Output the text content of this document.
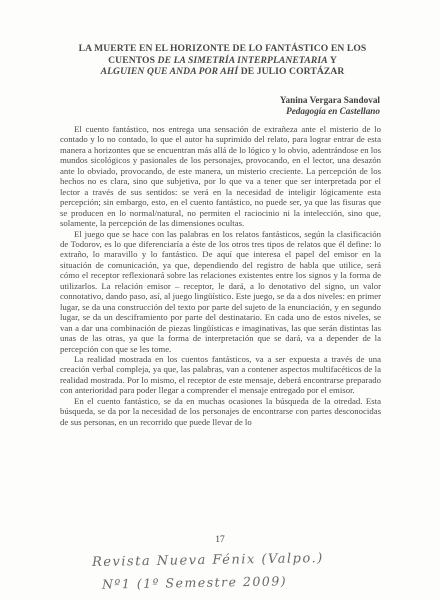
LA MUERTE EN EL HORIZONTE DE LO FANTÁSTICO EN LOS
CUENTOS DE LA SIMETRÍA INTERPLANETARIA Y
ALGUIEN QUE ANDA POR AHÍ DE JULIO CORTÁZAR
Yanina Vergara Sandoval
Pedagogía en Castellano

El cuento fantástico, nos entrega una sensación de extrañeza ante el misterio de lo contado y lo no contado, lo que el autor ha suprimido del relato, para lograr entrar de esta manera a horizontes que se encuentran más allá de lo lógico y lo obvio, adentrándose en los mundos sicológicos y pasionales de los personajes, provocando, en el lector, una desazón ante lo obviado, provocando, de este manera, un misterio creciente. La percepción de los hechos no es clara, sino que subjetiva, por lo que va a tener que ser interpretada por el lector a través de sus sentidos: se verá en la necesidad de inteligir lógicamente esta percepción; sin embargo, esto, en el cuento fantástico, no puede ser, ya que las fisuras que se producen en lo normal/natural, no permiten el raciocinio ni la intelección, sino que, solamente, la percepción de las dimensiones ocultas.

El juego que se hace con las palabras en los relatos fantásticos, según la clasificación de Todorov, es lo que diferenciaría a éste de los otros tres tipos de relatos que él define: lo extraño, lo maravillo y lo fantástico. De aquí que interesa el papel del emisor en la situación de comunicación, ya que, dependiendo del registro de habla que utilice, será cómo el receptor reflexionará sobre las relaciones existentes entre los signos y la forma de utilizarlos. La relación emisor – receptor, le dará, a lo denotativo del signo, un valor connotativo, dando paso, así, al juego lingüístico. Este juego, se da a dos niveles: en primer lugar, se da una construcción del texto por parte del sujeto de la enunciación, y en segundo lugar, se da un desciframiento por parte del destinatario. En cada uno de estos niveles, se van a dar una combinación de piezas lingüísticas e imaginativas, las que serán distintas las unas de las otras, ya que la forma de interpretación que se dará, va a depender de la percepción con que se les tome.

La realidad mostrada en los cuentos fantásticos, va a ser expuesta a través de una creación verbal compleja, ya que, las palabras, van a contener aspectos multifacéticos de la realidad mostrada. Por lo mismo, el receptor de este mensaje, deberá encontrarse preparado con anterioridad para poder llegar a comprender el mensaje entregado por el emisor.

En el cuento fantástico, se da en muchas ocasiones la búsqueda de la otredad. Esta búsqueda, se da por la necesidad de los personajes de encontrarse con partes desconocidas de sus personas, en un recorrido que puede llevar de lo

17
Revista Nueva Fénix (Valpo.)
Nº1 (1º Semestre 2009)
